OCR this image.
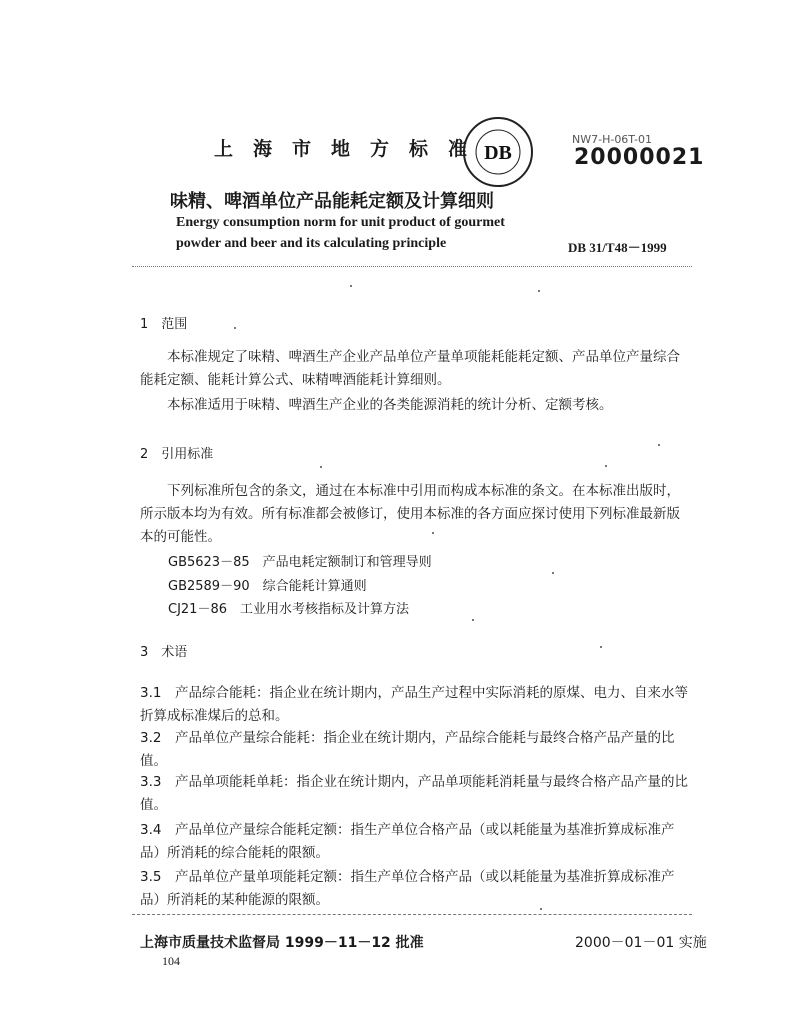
上海市地方标准
DB
NW7-H-06T-01
20000021
味精、啤酒单位产品能耗定额及计算细则
Energy consumption norm for unit product of gourmet
powder and beer and its calculating principle	DB 31/T48－1999
1　范围
本标准规定了味精、啤酒生产企业产品单位产量单项能耗能耗定额、产品单位产量综合能耗定额、能耗计算公式、味精啤酒能耗计算细则。
本标准适用于味精、啤酒生产企业的各类能源消耗的统计分析、定额考核。
2　引用标准
下列标准所包含的条文，通过在本标准中引用而构成本标准的条文。在本标准出版时，所示版本均为有效。所有标准都会被修订，使用本标准的各方面应探讨使用下列标准最新版本的可能性。
GB5623－85　产品电耗定额制订和管理导则
GB2589－90　综合能耗计算通则
CJ21－86　工业用水考核指标及计算方法
3　术语
3.1　产品综合能耗：指企业在统计期内，产品生产过程中实际消耗的原煤、电力、自来水等折算成标准煤后的总和。
3.2　产品单位产量综合能耗：指企业在统计期内，产品综合能耗与最终合格产品产量的比值。
3.3　产品单项能耗单耗：指企业在统计期内，产品单项能耗消耗量与最终合格产品产量的比值。
3.4　产品单位产量综合能耗定额：指生产单位合格产品（或以耗能量为基准折算成标准产品）所消耗的综合能耗的限额。
3.5　产品单位产量单项能耗定额：指生产单位合格产品（或以耗能量为基准折算成标准产品）所消耗的某种能源的限额。
上海市质量技术监督局 1999－11－12 批准	2000－01－01 实施
104
